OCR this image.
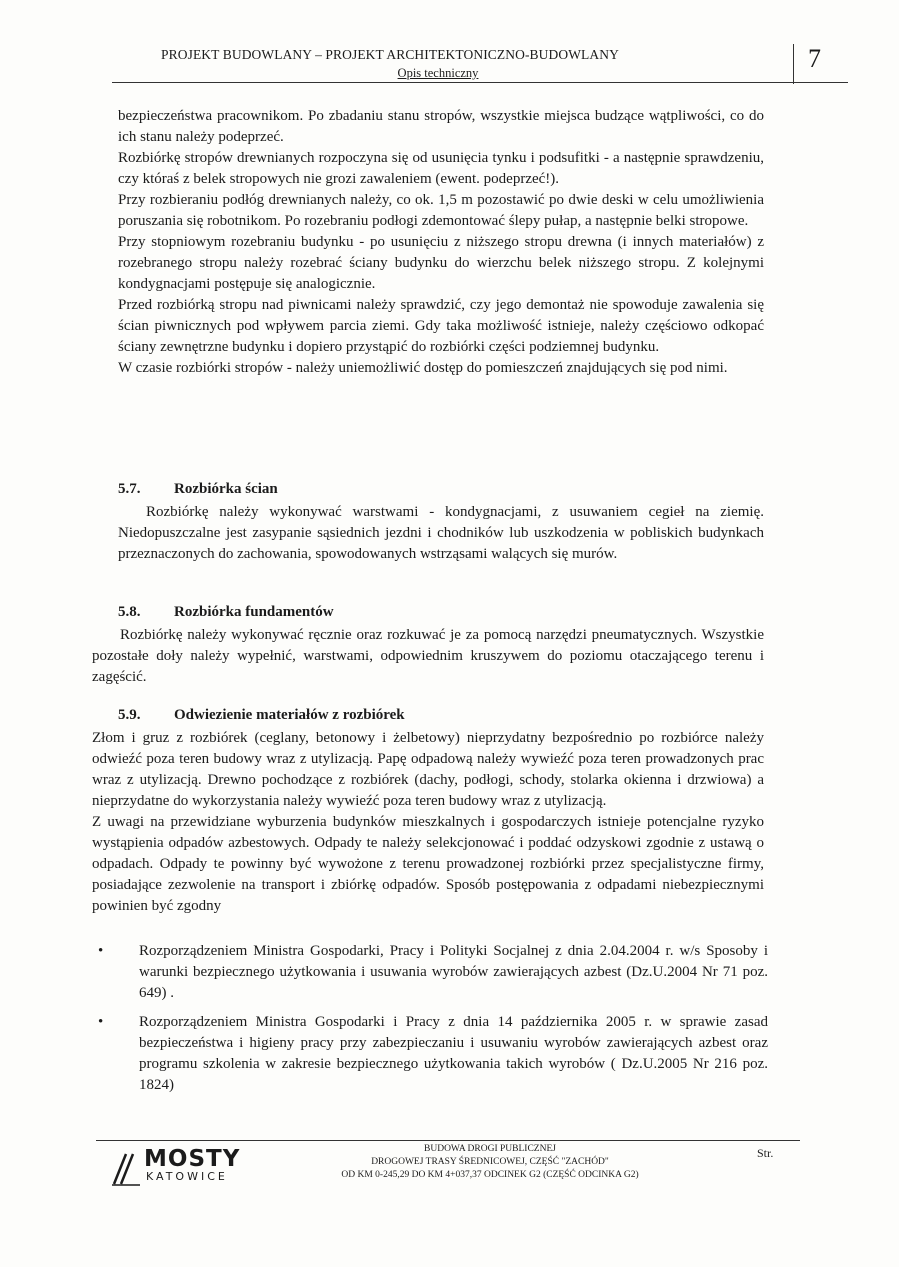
PROJEKT BUDOWLANY – PROJEKT ARCHITEKTONICZNO-BUDOWLANY
Opis techniczny	7

bezpieczeństwa pracownikom. Po zbadaniu stanu stropów, wszystkie miejsca budzące wątpliwości, co do ich stanu należy podeprzeć.

Rozbiórkę stropów drewnianych rozpoczyna się od usunięcia tynku i podsufitki - a następnie sprawdzeniu, czy któraś z belek stropowych nie grozi zawaleniem (ewent. podeprzeć!).

Przy rozbieraniu podłóg drewnianych należy, co ok. 1,5 m pozostawić po dwie deski w celu umożliwienia poruszania się robotnikom. Po rozebraniu podłogi zdemontować ślepy pułap, a następnie belki stropowe.

Przy stopniowym rozebraniu budynku - po usunięciu z niższego stropu drewna (i innych materiałów) z rozebranego stropu należy rozebrać ściany budynku do wierzchu belek niższego stropu. Z kolejnymi kondygnacjami postępuje się analogicznie.

Przed rozbiórką stropu nad piwnicami należy sprawdzić, czy jego demontaż nie spowoduje zawalenia się ścian piwnicznych pod wpływem parcia ziemi. Gdy taka możliwość istnieje, należy częściowo odkopać ściany zewnętrzne budynku i dopiero przystąpić do rozbiórki części podziemnej budynku.

W czasie rozbiórki stropów - należy uniemożliwić dostęp do pomieszczeń znajdujących się pod nimi.

5.7. Rozbiórka ścian

Rozbiórkę należy wykonywać warstwami - kondygnacjami, z usuwaniem cegieł na ziemię. Niedopuszczalne jest zasypanie sąsiednich jezdni i chodników lub uszkodzenia w pobliskich budynkach przeznaczonych do zachowania, spowodowanych wstrząsami walących się murów.

5.8. Rozbiórka fundamentów

Rozbiórkę należy wykonywać ręcznie oraz rozkuwać je za pomocą narzędzi pneumatycznych. Wszystkie pozostałe doły należy wypełnić, warstwami, odpowiednim kruszywem do poziomu otaczającego terenu i zagęścić.

5.9. Odwiezienie materiałów z rozbiórek

Złom i gruz z rozbiórek (ceglany, betonowy i żelbetowy) nieprzydatny bezpośrednio po rozbiórce należy odwieźć poza teren budowy wraz z utylizacją. Papę odpadową należy wywieźć poza teren prowadzonych prac wraz z utylizacją. Drewno pochodzące z rozbiórek (dachy, podłogi, schody, stolarka okienna i drzwiowa) a nieprzydatne do wykorzystania należy wywieźć poza teren budowy wraz z utylizacją.

Z uwagi na przewidziane wyburzenia budynków mieszkalnych i gospodarczych istnieje potencjalne ryzyko wystąpienia odpadów azbestowych. Odpady te należy selekcjonować i poddać odzyskowi zgodnie z ustawą o odpadach. Odpady te powinny być wywożone z terenu prowadzonej rozbiórki przez specjalistyczne firmy, posiadające zezwolenie na transport i zbiórkę odpadów. Sposób postępowania z odpadami niebezpiecznymi powinien być zgodny

• Rozporządzeniem Ministra Gospodarki, Pracy i Polityki Socjalnej z dnia 2.04.2004 r. w/s Sposoby i warunki bezpiecznego użytkowania i usuwania wyrobów zawierających azbest (Dz.U.2004 Nr 71 poz. 649) .
• Rozporządzeniem Ministra Gospodarki i Pracy z dnia 14 października 2005 r. w sprawie zasad bezpieczeństwa i higieny pracy przy zabezpieczaniu i usuwaniu wyrobów zawierających azbest oraz programu szkolenia w zakresie bezpiecznego użytkowania takich wyrobów ( Dz.U.2005 Nr 216 poz. 1824)
MOSTY
KATOWICE
BUDOWA DROGI PUBLICZNEJ
DROGOWEJ TRASY ŚREDNICOWEJ, CZĘŚĆ "ZACHÓD"
OD KM 0-245,29 DO KM 4+037,37 ODCINEK G2 (CZĘŚĆ ODCINKA G2)
Str.
